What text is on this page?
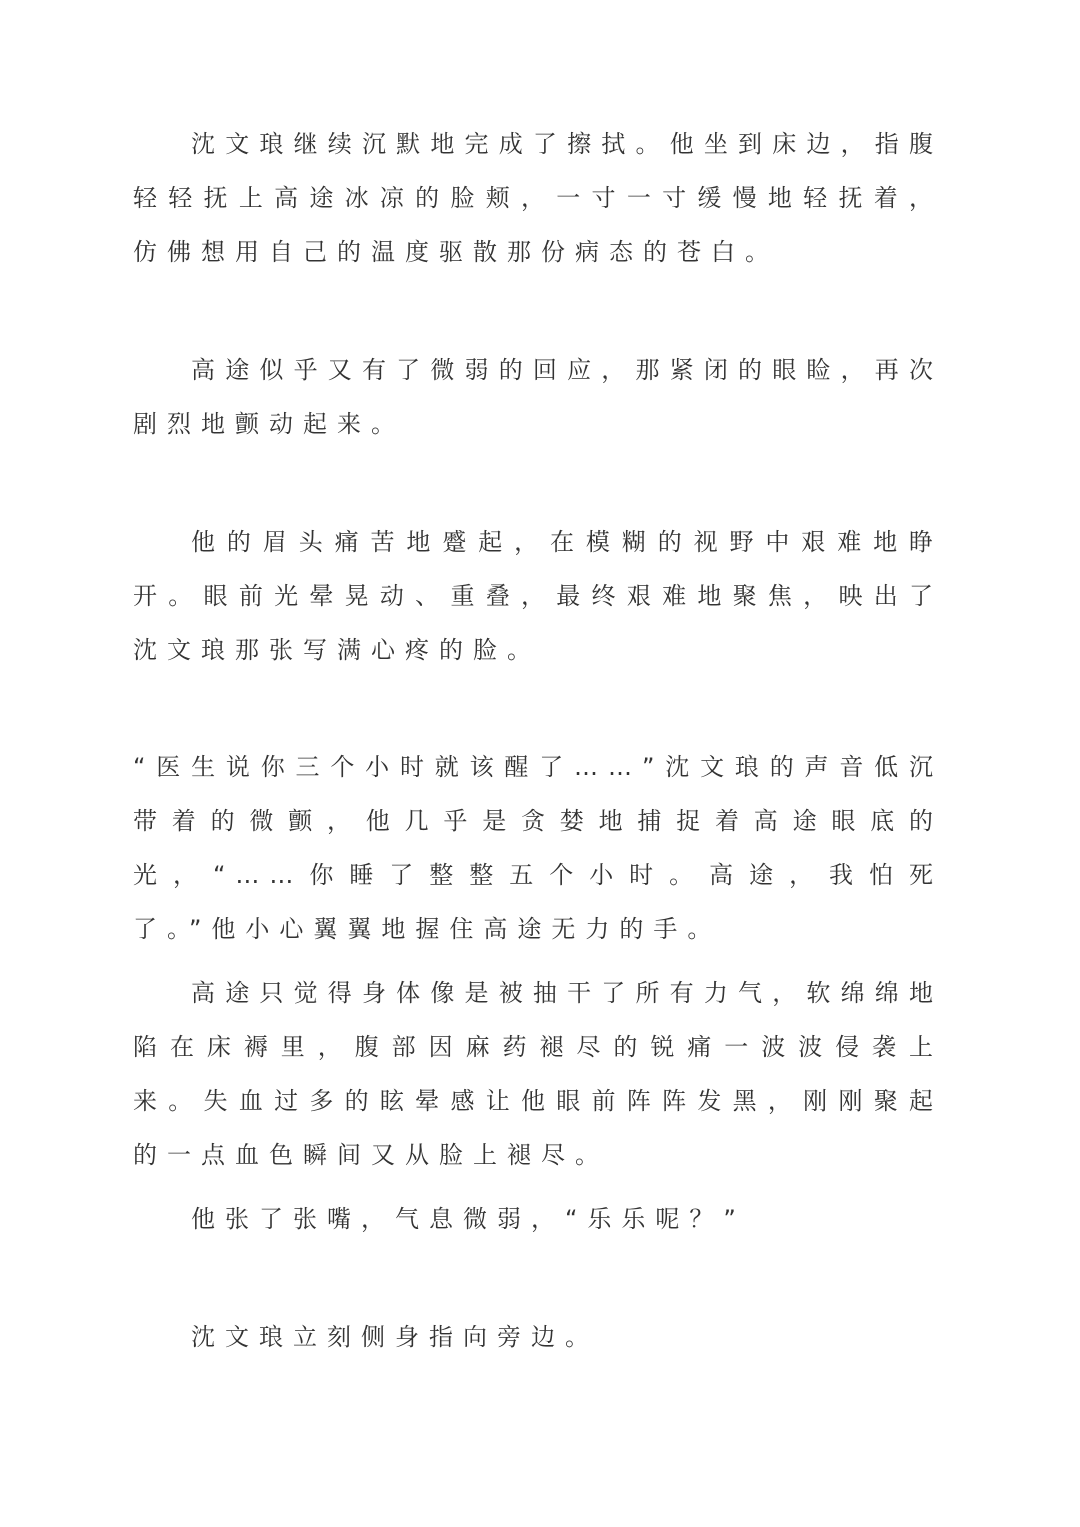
沈文琅继续沉默地完成了擦拭。他坐到床边，指腹轻轻抚上高途冰凉的脸颊，一寸一寸缓慢地轻抚着，仿佛想用自己的温度驱散那份病态的苍白。

高途似乎又有了微弱的回应，那紧闭的眼睑，再次剧烈地颤动起来。

他的眉头痛苦地蹙起，在模糊的视野中艰难地睁开。眼前光晕晃动、重叠，最终艰难地聚焦，映出了沈文琅那张写满心疼的脸。

“医生说你三个小时就该醒了……”沈文琅的声音低沉带着的微颤，他几乎是贪婪地捕捉着高途眼底的光，“……你睡了整整五个小时。高途，我怕死了。”他小心翼翼地握住高途无力的手。

高途只觉得身体像是被抽干了所有力气，软绵绵地陷在床褥里，腹部因麻药褪尽的锐痛一波波侵袭上来。失血过多的眩晕感让他眼前阵阵发黑，刚刚聚起的一点血色瞬间又从脸上褪尽。

他张了张嘴，气息微弱，“乐乐呢？”

沈文琅立刻侧身指向旁边。
